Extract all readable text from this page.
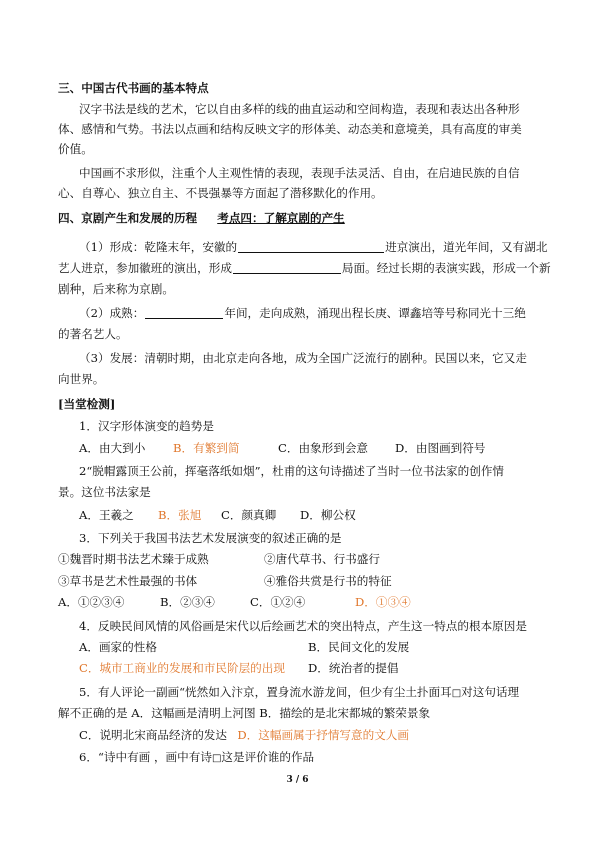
三、中国古代书画的基本特点
汉字书法是线的艺术，它以自由多样的线的曲直运动和空间构造，表现和表达出各种形
体、感情和气势。书法以点画和结构反映文字的形体美、动态美和意境美，具有高度的审美
价值。
中国画不求形似，注重个人主观性情的表现，表现手法灵活、自由，在启迪民族的自信
心、自尊心、独立自主、不畏强暴等方面起了潜移默化的作用。
四、京剧产生和发展的历程 考点四：了解京剧的产生
（1）形成：乾隆末年，安徽的	进京演出，道光年间，又有湖北
艺人进京，参加徽班的演出，形成	局面。经过长期的表演实践，形成一个新
剧种，后来称为京剧。
（2）成熟：	年间，走向成熟，涌现出程长庚、谭鑫培等号称同光十三绝
的著名艺人。
（3）发展：清朝时期，由北京走向各地，成为全国广泛流行的剧种。民国以来，它又走
向世界。
[当堂检测]
1．汉字形体演变的趋势是
A．由大到小 B．有繁到简	C．由象形到会意 D．由图画到符号
2“脱帽露顶王公前，挥毫落纸如烟”，杜甫的这句诗描述了当时一位书法家的创作情
景。这位书法家是
A．王羲之 B．张旭 C．颜真卿 D．柳公权
3．下列关于我国书法艺术发展演变的叙述正确的是
①魏晋时期书法艺术臻于成熟	②唐代草书、行书盛行
③草书是艺术性最强的书体	④雅俗共赏是行书的特征
A．①②③④	B．②③④	C．①②④	D．①③④
4．反映民间风情的风俗画是宋代以后绘画艺术的突出特点，产生这一特点的根本原因是
A．画家的性格	B．民间文化的发展
C．城市工商业的发展和市民阶层的出现 D．统治者的提倡
5．有人评论一副画“恍然如入汴京，置身流水游龙间，但少有尘土扑面耳□对这句话理
解不正确的是 A．这幅画是清明上河图 B．描绘的是北宋都城的繁荣景象
C．说明北宋商品经济的发达 D．这幅画属于抒情写意的文人画
6．“诗中有画 ，画中有诗□这是评价谁的作品
3 / 6
